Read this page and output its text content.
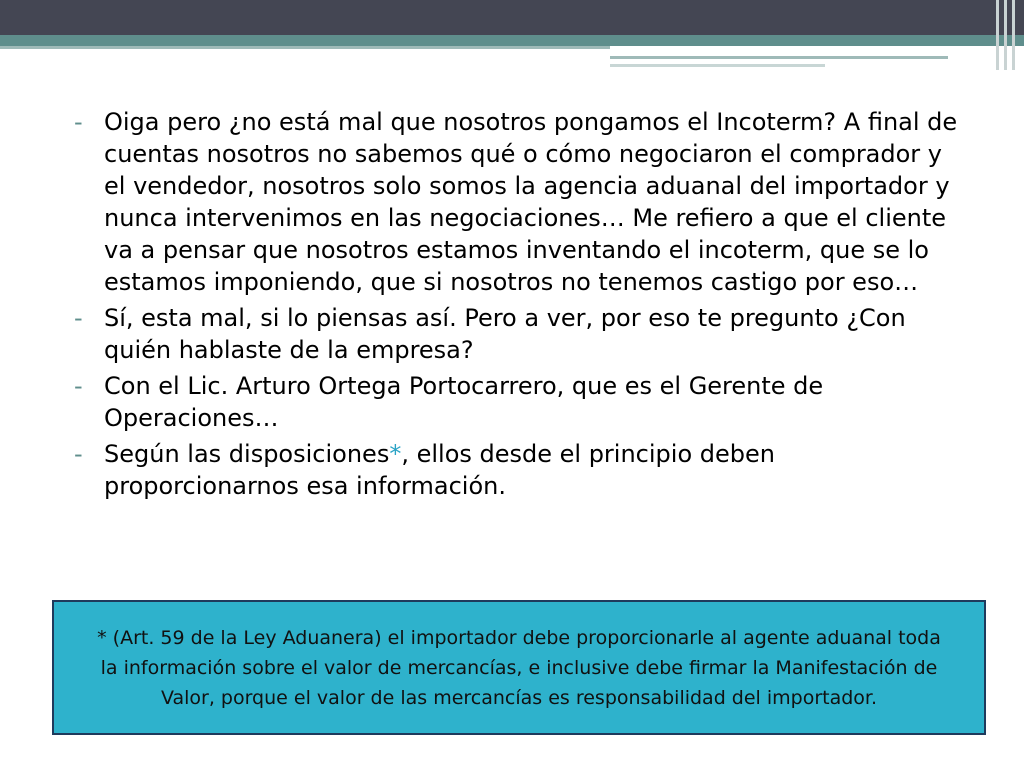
- Oiga pero ¿no está mal que nosotros pongamos el Incoterm? A final de cuentas nosotros no sabemos qué o cómo negociaron el comprador y el vendedor, nosotros solo somos la agencia aduanal del importador y nunca intervenimos en las negociaciones… Me refiero a que el cliente va a pensar que nosotros estamos inventando el incoterm, que se lo estamos imponiendo, que si nosotros no tenemos castigo por eso…
- Sí, esta mal, si lo piensas así. Pero a ver, por eso te pregunto ¿Con quién hablaste de la empresa?
- Con el Lic. Arturo Ortega Portocarrero, que es el Gerente de Operaciones…
- Según las disposiciones*, ellos desde el principio deben proporcionarnos esa información.
* (Art. 59 de la Ley Aduanera) el importador debe proporcionarle al agente aduanal toda la información sobre el valor de mercancías, e inclusive debe firmar la Manifestación de Valor, porque el valor de las mercancías es responsabilidad del importador.
